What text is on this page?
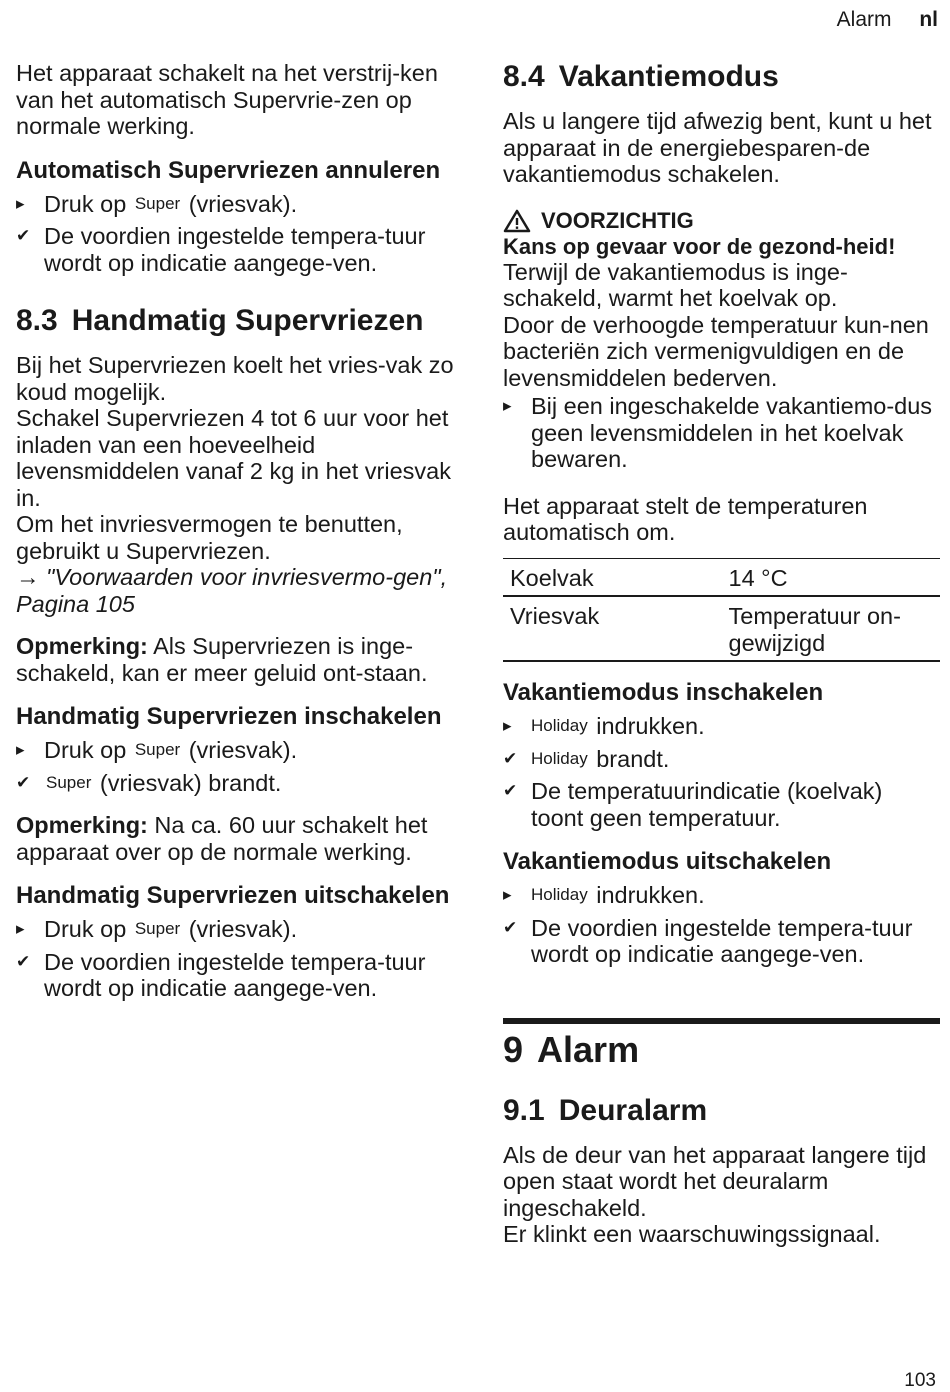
Alarm nl

Het apparaat schakelt na het verstrij-ken van het automatisch Supervrie-zen op normale werking.

Automatisch Supervriezen annuleren
▸ Druk op Super (vriesvak).
✔ De voordien ingestelde tempera-tuur wordt op indicatie aangege-ven.
8.3 Handmatig Supervriezen

Bij het Supervriezen koelt het vries-vak zo koud mogelijk.

Schakel Supervriezen 4 tot 6 uur voor het inladen van een hoeveelheid levensmiddelen vanaf 2 kg in het vriesvak in.

Om het invriesvermogen te benutten, gebruikt u Supervriezen.

→ "Voorwaarden voor invriesvermo-gen", Pagina 105

Opmerking: Als Supervriezen is inge-schakeld, kan er meer geluid ont-staan.

Handmatig Supervriezen inschakelen
▸ Druk op Super (vriesvak).
✔ Super (vriesvak) brandt.

Opmerking: Na ca. 60 uur schakelt het apparaat over op de normale werking.

Handmatig Supervriezen uitschakelen
▸ Druk op Super (vriesvak).
✔ De voordien ingestelde tempera-tuur wordt op indicatie aangege-ven.
8.4 Vakantiemodus

Als u langere tijd afwezig bent, kunt u het apparaat in de energiebesparen-de vakantiemodus schakelen.

VOORZICHTIG
Kans op gevaar voor de gezond-heid!

Terwijl de vakantiemodus is inge-schakeld, warmt het koelvak op.

Door de verhoogde temperatuur kun-nen bacteriën zich vermenigvuldigen en de levensmiddelen bederven.

▸ Bij een ingeschakelde vakantiemo-dus geen levensmiddelen in het koelvak bewaren.

Het apparaat stelt de temperaturen automatisch om.

Koelvak	14 °C
Vriesvak	Temperatuur on-gewijzigd
Vakantiemodus inschakelen
▸	Holiday indrukken.
✔ Holiday brandt.
✔ De temperatuurindicatie (koelvak) toont geen temperatuur.
Vakantiemodus uitschakelen
▸	Holiday indrukken.
✔ De voordien ingestelde tempera-tuur wordt op indicatie aangege-ven.
9 Alarm
9.1 Deuralarm

Als de deur van het apparaat langere tijd open staat wordt het deuralarm ingeschakeld.

Er klinkt een waarschuwingssignaal.

103
